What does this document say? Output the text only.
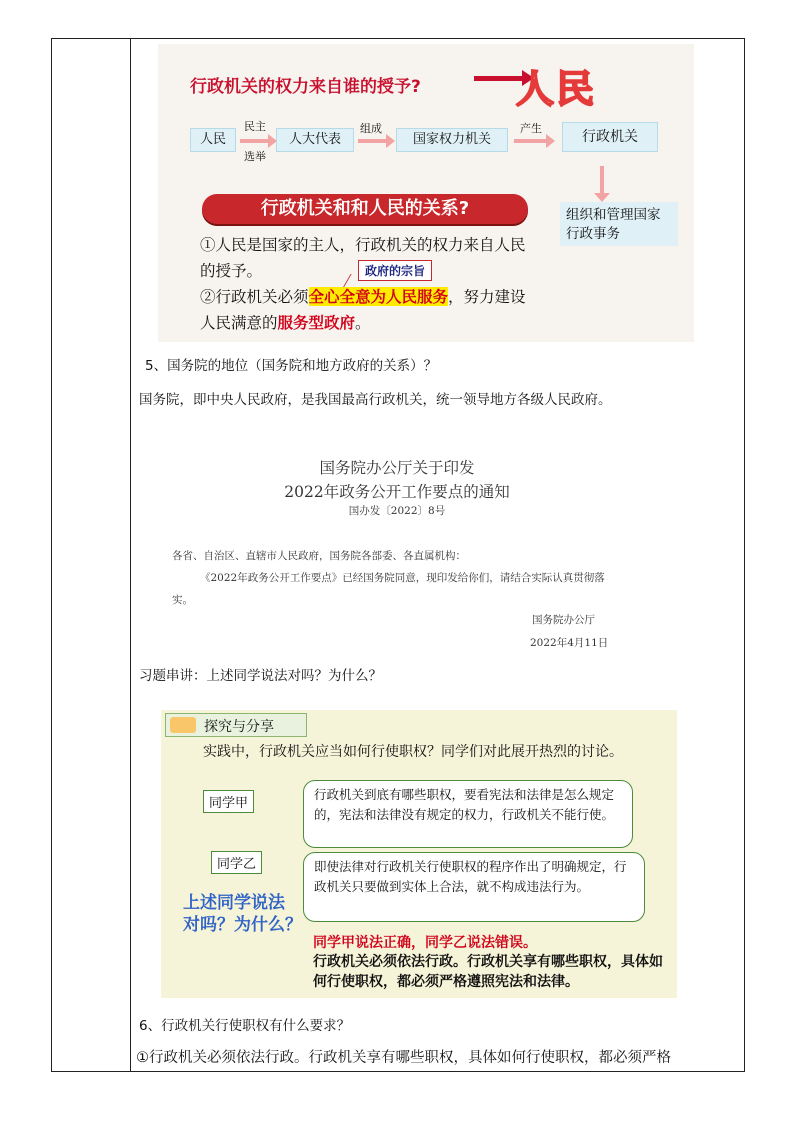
行政机关的权力来自谁的授予?	人民
人民
民主
选举
人大代表
组成
国家权力机关
产生
行政机关
组织和管理国家行政事务
行政机关和和人民的关系?
①人民是国家的主人，行政机关的权力来自人民的授予。	政府的宗旨
②行政机关必须全心全意为人民服务，努力建设人民满意的服务型政府。
5、国务院的地位（国务院和地方政府的关系）？
国务院，即中央人民政府，是我国最高行政机关，统一领导地方各级人民政府。
国务院办公厅关于印发
2022年政务公开工作要点的通知
国办发〔2022〕8号
各省、自治区、直辖市人民政府，国务院各部委、各直属机构：
《2022年政务公开工作要点》已经国务院同意，现印发给你们，请结合实际认真贯彻落
实。
国务院办公厅
2022年4月11日
习题串讲：上述同学说法对吗？为什么？
探究与分享
实践中，行政机关应当如何行使职权？同学们对此展开热烈的讨论。
同学甲
行政机关到底有哪些职权，要看宪法和法律是怎么规定的，宪法和法律没有规定的权力，行政机关不能行使。
同学乙	即使法律对行政机关行使职权的程序作出了明确规定，行政机关只要做到实体上合法，就不构成违法行为。
上述同学说法
对吗？为什么？
同学甲说法正确，同学乙说法错误。
行政机关必须依法行政。行政机关享有哪些职权，具体如何行使职权，都必须严格遵照宪法和法律。
6、行政机关行使职权有什么要求？
①行政机关必须依法行政。行政机关享有哪些职权，具体如何行使职权，都必须严格
